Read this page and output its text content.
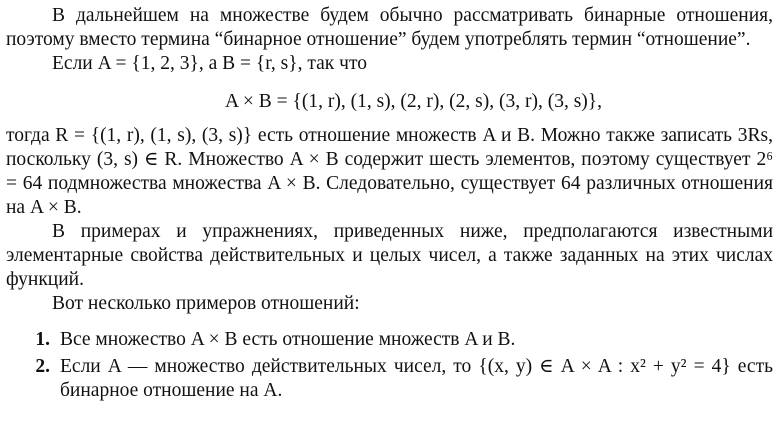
В дальнейшем на множестве будем обычно рассматривать бинарные отношения, поэтому вместо термина “бинарное отношение” будем употреблять термин “отношение”.

Если A = {1, 2, 3}, а B = {r, s}, так что

A × B = {(1, r), (1, s), (2, r), (2, s), (3, r), (3, s)},

тогда R = {(1, r), (1, s), (3, s)} есть отношение множеств A и B. Можно также записать 3Rs, поскольку (3, s) ∈ R. Множество A × B содержит шесть элементов, поэтому существует 2⁶ = 64 подмножества множества A × B. Следовательно, существует 64 различных отношения на A × B.

В примерах и упражнениях, приведенных ниже, предполагаются известными элементарные свойства действительных и целых чисел, а также заданных на этих числах функций.

Вот несколько примеров отношений:

1. Все множество A × B есть отношение множеств A и B.
2. Если A — множество действительных чисел, то {(x, y) ∈ A × A : x² + y² = 4} есть бинарное отношение на A.
